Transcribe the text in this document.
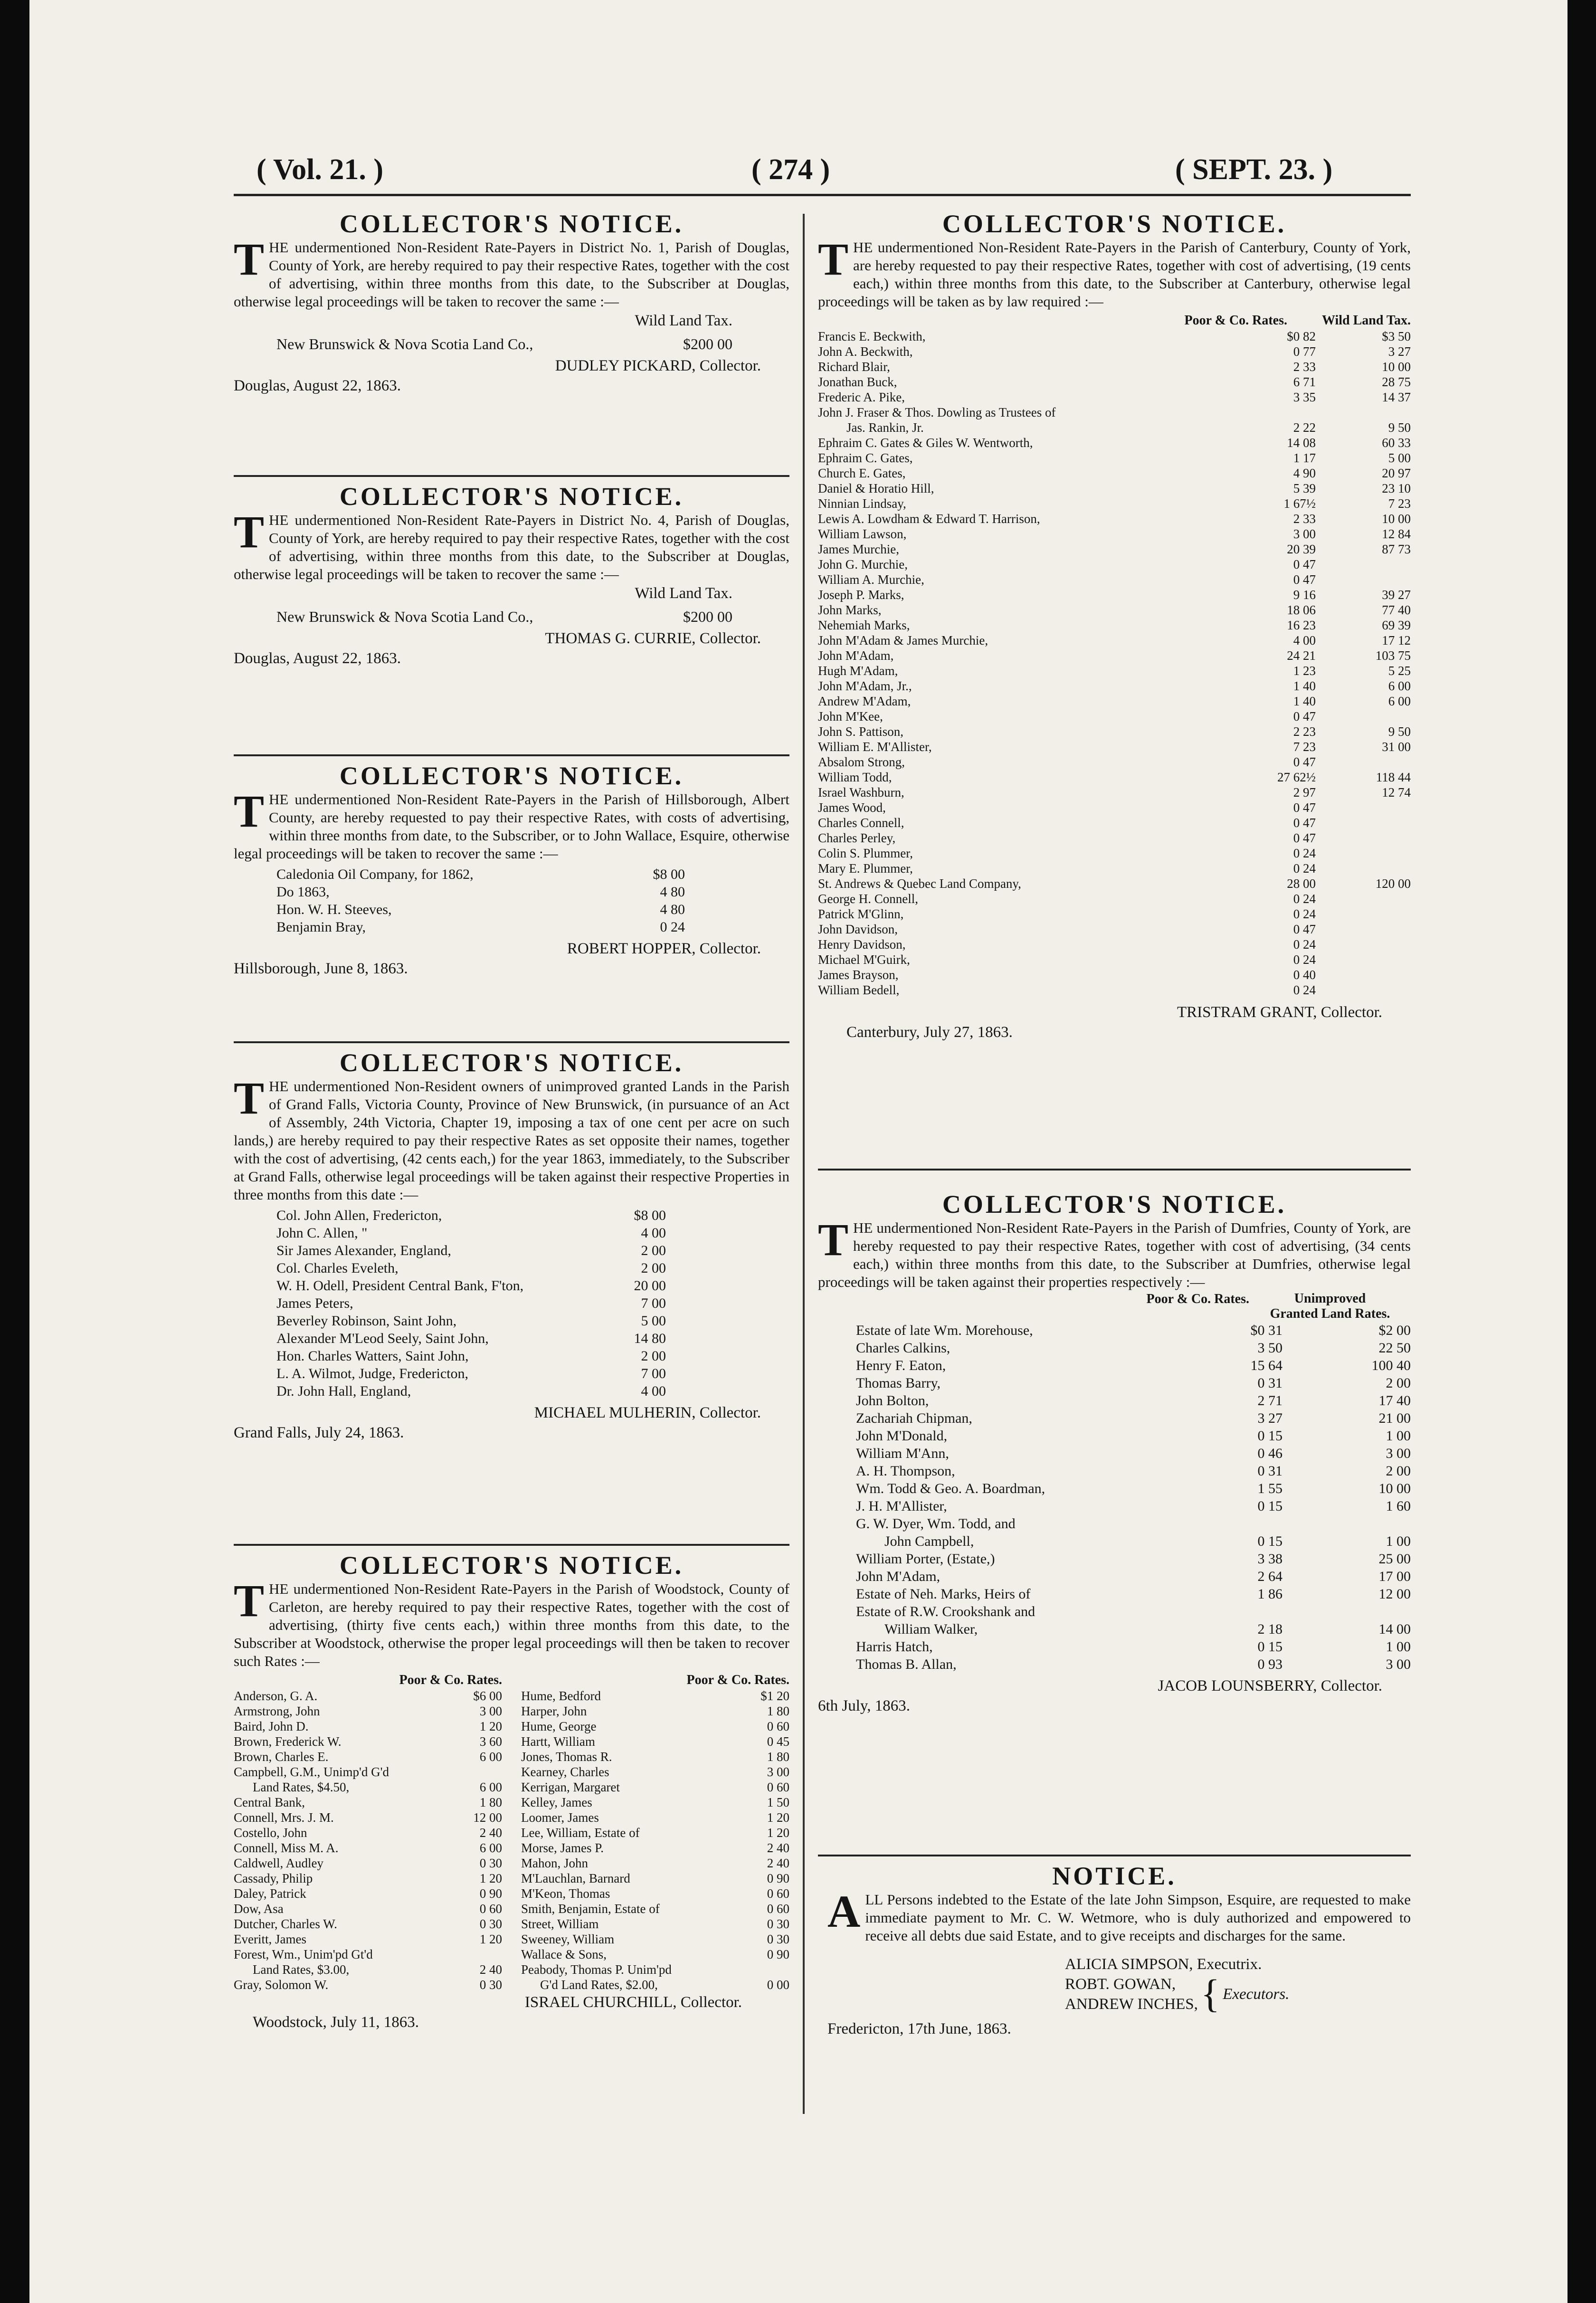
( Vol. 21. )	( 274 )	( SEPT. 23. )
COLLECTOR'S NOTICE.
THE undermentioned Non-Resident Rate-Payers in District No. 1, Parish of Douglas, County of York, are hereby required to pay their respective Rates, together with the cost of advertising, within three months from this date, to the Subscriber at Douglas, otherwise legal proceedings will be taken to recover the same :—
Wild Land Tax.
New Brunswick & Nova Scotia Land Co.,	$200 00
DUDLEY PICKARD, Collector.
Douglas, August 22, 1863.
COLLECTOR'S NOTICE.
THE undermentioned Non-Resident Rate-Payers in District No. 4, Parish of Douglas, County of York, are hereby required to pay their respective Rates, together with the cost of advertising, within three months from this date, to the Subscriber at Douglas, otherwise legal proceedings will be taken to recover the same :—
Wild Land Tax.
New Brunswick & Nova Scotia Land Co.,	$200 00
THOMAS G. CURRIE, Collector.
Douglas, August 22, 1863.
COLLECTOR'S NOTICE.
THE undermentioned Non-Resident Rate-Payers in the Parish of Hillsborough, Albert County, are hereby requested to pay their respective Rates, with costs of advertising, within three months from date, to the Subscriber, or to John Wallace, Esquire, otherwise legal proceedings will be taken to recover the same :—
Caledonia Oil Company, for 1862,	$8 00
Do 1863,	4 80
Hon. W. H. Steeves,	4 80
Benjamin Bray,	0 24
ROBERT HOPPER, Collector.
Hillsborough, June 8, 1863.
COLLECTOR'S NOTICE.
THE undermentioned Non-Resident owners of unimproved granted Lands in the Parish of Grand Falls, Victoria County, Province of New Brunswick, (in pursuance of an Act of Assembly, 24th Victoria, Chapter 19, imposing a tax of one cent per acre on such lands,) are hereby required to pay their respective Rates as set opposite their names, together with the cost of advertising, (42 cents each,) for the year 1863, immediately, to the Subscriber at Grand Falls, otherwise legal proceedings will be taken against their respective Properties in three months from this date :—
Col. John Allen, Fredericton,	$8 00
John C. Allen, "	4 00
Sir James Alexander, England,	2 00
Col. Charles Eveleth,	2 00
W. H. Odell, President Central Bank, F'ton,	20 00
James Peters,	7 00
Beverley Robinson, Saint John,	5 00
Alexander M'Leod Seely, Saint John,	14 80
Hon. Charles Watters, Saint John,	2 00
L. A. Wilmot, Judge, Fredericton,	7 00
Dr. John Hall, England,	4 00
MICHAEL MULHERIN, Collector.
Grand Falls, July 24, 1863.
COLLECTOR'S NOTICE.
THE undermentioned Non-Resident Rate-Payers in the Parish of Woodstock, County of Carleton, are hereby required to pay their respective Rates, together with the cost of advertising, (thirty five cents each,) within three months from this date, to the Subscriber at Woodstock, otherwise the proper legal proceedings will then be taken to recover such Rates :—
Poor & Co. Rates.
Anderson, G. A.	$6 00
Armstrong, John	3 00
Baird, John D.	1 20
Brown, Frederick W.	3 60
Brown, Charles E.	6 00
Campbell, G.M., Unimp'd G'd
Land Rates, $4.50,	6 00
Central Bank,	1 80
Connell, Mrs. J. M.	12 00
Costello, John	2 40
Connell, Miss M. A.	6 00
Caldwell, Audley	0 30
Cassady, Philip	1 20
Daley, Patrick	0 90
Dow, Asa	0 60
Dutcher, Charles W.	0 30
Everitt, James	1 20
Forest, Wm., Unim'pd Gt'd
Land Rates, $3.00,	2 40
Gray, Solomon W.	0 30
Poor & Co. Rates.
Hume, Bedford	$1 20
Harper, John	1 80
Hume, George	0 60
Hartt, William	0 45
Jones, Thomas R.	1 80
Kearney, Charles	3 00
Kerrigan, Margaret	0 60
Kelley, James	1 50
Loomer, James	1 20
Lee, William, Estate of	1 20
Morse, James P.	2 40
Mahon, John	2 40
M'Lauchlan, Barnard	0 90
M'Keon, Thomas	0 60
Smith, Benjamin, Estate of	0 60
Street, William	0 30
Sweeney, William	0 30
Wallace & Sons,	0 90
Peabody, Thomas P. Unim'pd
G'd Land Rates, $2.00,	0 00
ISRAEL CHURCHILL, Collector.
Woodstock, July 11, 1863.
COLLECTOR'S NOTICE.
THE undermentioned Non-Resident Rate-Payers in the Parish of Canterbury, County of York, are hereby requested to pay their respective Rates, together with cost of advertising, (19 cents each,) within three months from this date, to the Subscriber at Canterbury, otherwise legal proceedings will be taken as by law required :—
Poor & Co. Rates.	Wild Land Tax.
Francis E. Beckwith,	$0 82	$3 50
John A. Beckwith,	0 77	3 27
Richard Blair,	2 33	10 00
Jonathan Buck,	6 71	28 75
Frederic A. Pike,	3 35	14 37
John J. Fraser & Thos. Dowling as Trustees of
Jas. Rankin, Jr.	2 22	9 50
Ephraim C. Gates & Giles W. Wentworth,	14 08	60 33
Ephraim C. Gates,	1 17	5 00
Church E. Gates,	4 90	20 97
Daniel & Horatio Hill,	5 39	23 10
Ninnian Lindsay,	1 67½	7 23
Lewis A. Lowdham & Edward T. Harrison,	2 33	10 00
William Lawson,	3 00	12 84
James Murchie,	20 39	87 73
John G. Murchie,	0 47
William A. Murchie,	0 47
Joseph P. Marks,	9 16	39 27
John Marks,	18 06	77 40
Nehemiah Marks,	16 23	69 39
John M'Adam & James Murchie,	4 00	17 12
John M'Adam,	24 21	103 75
Hugh M'Adam,	1 23	5 25
John M'Adam, Jr.,	1 40	6 00
Andrew M'Adam,	1 40	6 00
John M'Kee,	0 47
John S. Pattison,	2 23	9 50
William E. M'Allister,	7 23	31 00
Absalom Strong,	0 47
William Todd,	27 62½	118 44
Israel Washburn,	2 97	12 74
James Wood,	0 47
Charles Connell,	0 47
Charles Perley,	0 47
Colin S. Plummer,	0 24
Mary E. Plummer,	0 24
St. Andrews & Quebec Land Company,	28 00	120 00
George H. Connell,	0 24
Patrick M'Glinn,	0 24
John Davidson,	0 47
Henry Davidson,	0 24
Michael M'Guirk,	0 24
James Brayson,	0 40
William Bedell,	0 24
TRISTRAM GRANT, Collector.
Canterbury, July 27, 1863.
COLLECTOR'S NOTICE.
THE undermentioned Non-Resident Rate-Payers in the Parish of Dumfries, County of York, are hereby requested to pay their respective Rates, together with cost of advertising, (34 cents each,) within three months from this date, to the Subscriber at Dumfries, otherwise legal proceedings will be taken against their properties respectively :—
Poor & Co. Rates.	Unimproved
Granted Land Rates.
Estate of late Wm. Morehouse,	$0 31	$2 00
Charles Calkins,	3 50	22 50
Henry F. Eaton,	15 64	100 40
Thomas Barry,	0 31	2 00
John Bolton,	2 71	17 40
Zachariah Chipman,	3 27	21 00
John M'Donald,	0 15	1 00
William M'Ann,	0 46	3 00
A. H. Thompson,	0 31	2 00
Wm. Todd & Geo. A. Boardman,	1 55	10 00
J. H. M'Allister,	0 15	1 60
G. W. Dyer, Wm. Todd, and
John Campbell,	0 15	1 00
William Porter, (Estate,)	3 38	25 00
John M'Adam,	2 64	17 00
Estate of Neh. Marks, Heirs of	1 86	12 00
Estate of R.W. Crookshank and
William Walker,	2 18	14 00
Harris Hatch,	0 15	1 00
Thomas B. Allan,	0 93	3 00
JACOB LOUNSBERRY, Collector.
6th July, 1863.
NOTICE.
ALL Persons indebted to the Estate of the late John Simpson, Esquire, are requested to make immediate payment to Mr. C. W. Wetmore, who is duly authorized and empowered to receive all debts due said Estate, and to give receipts and discharges for the same.
ALICIA SIMPSON, Executrix.
ROBT. GOWAN,
ANDREW INCHES, { Executors.
Fredericton, 17th June, 1863.
